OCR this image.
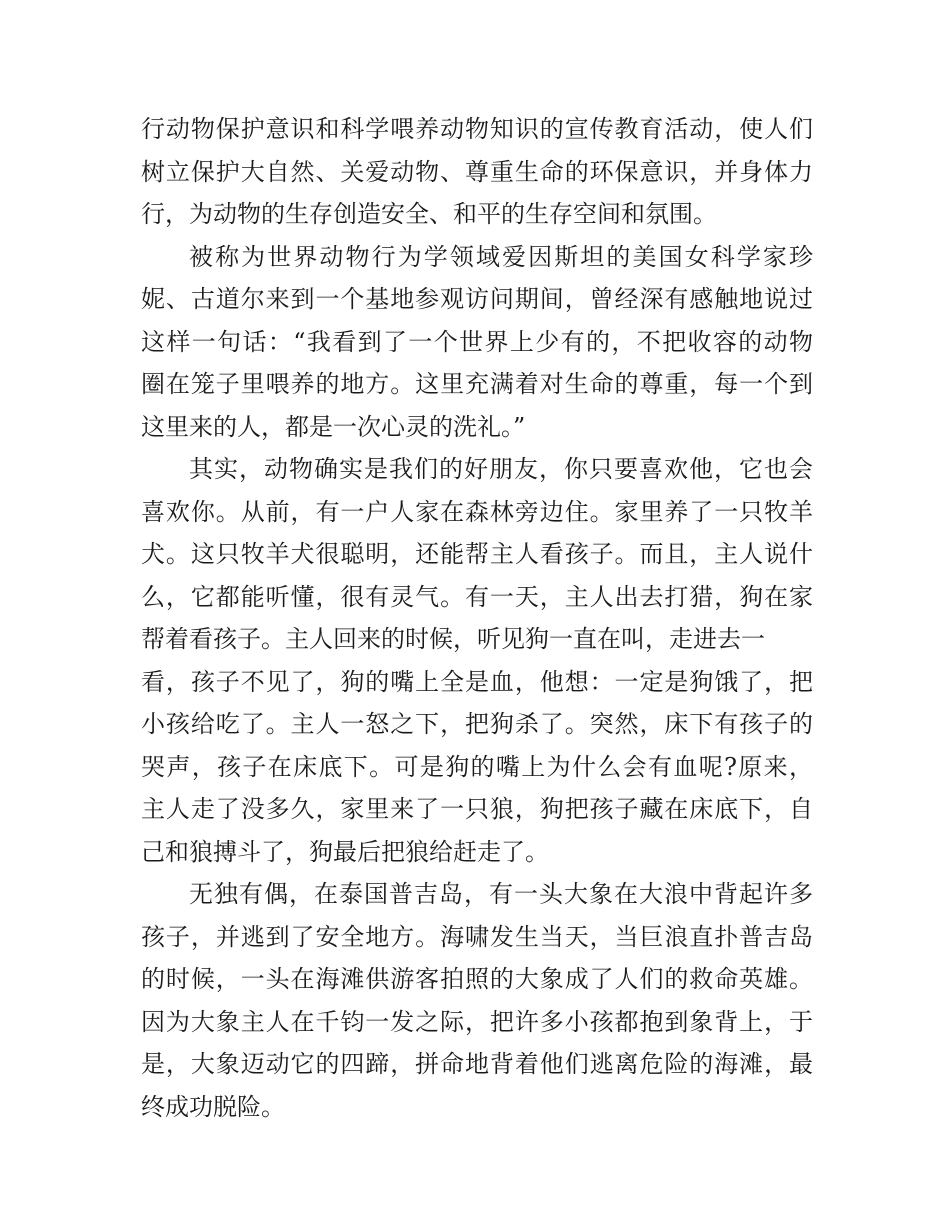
行动物保护意识和科学喂养动物知识的宣传教育活动，使人们
树立保护大自然、关爱动物、尊重生命的环保意识，并身体力
行，为动物的生存创造安全、和平的生存空间和氛围。
被称为世界动物行为学领域爱因斯坦的美国女科学家珍
妮、古道尔来到一个基地参观访问期间，曾经深有感触地说过
这样一句话：“我看到了一个世界上少有的，不把收容的动物
圈在笼子里喂养的地方。这里充满着对生命的尊重，每一个到
这里来的人，都是一次心灵的洗礼。”
其实，动物确实是我们的好朋友，你只要喜欢他，它也会
喜欢你。从前，有一户人家在森林旁边住。家里养了一只牧羊
犬。这只牧羊犬很聪明，还能帮主人看孩子。而且，主人说什
么，它都能听懂，很有灵气。有一天，主人出去打猎，狗在家
帮着看孩子。主人回来的时候，听见狗一直在叫，走进去一
看，孩子不见了，狗的嘴上全是血，他想：一定是狗饿了，把
小孩给吃了。主人一怒之下，把狗杀了。突然，床下有孩子的
哭声，孩子在床底下。可是狗的嘴上为什么会有血呢?原来，
主人走了没多久，家里来了一只狼，狗把孩子藏在床底下，自
己和狼搏斗了，狗最后把狼给赶走了。
无独有偶，在泰国普吉岛，有一头大象在大浪中背起许多
孩子，并逃到了安全地方。海啸发生当天，当巨浪直扑普吉岛
的时候，一头在海滩供游客拍照的大象成了人们的救命英雄。
因为大象主人在千钧一发之际，把许多小孩都抱到象背上，于
是，大象迈动它的四蹄，拼命地背着他们逃离危险的海滩，最
终成功脱险。
